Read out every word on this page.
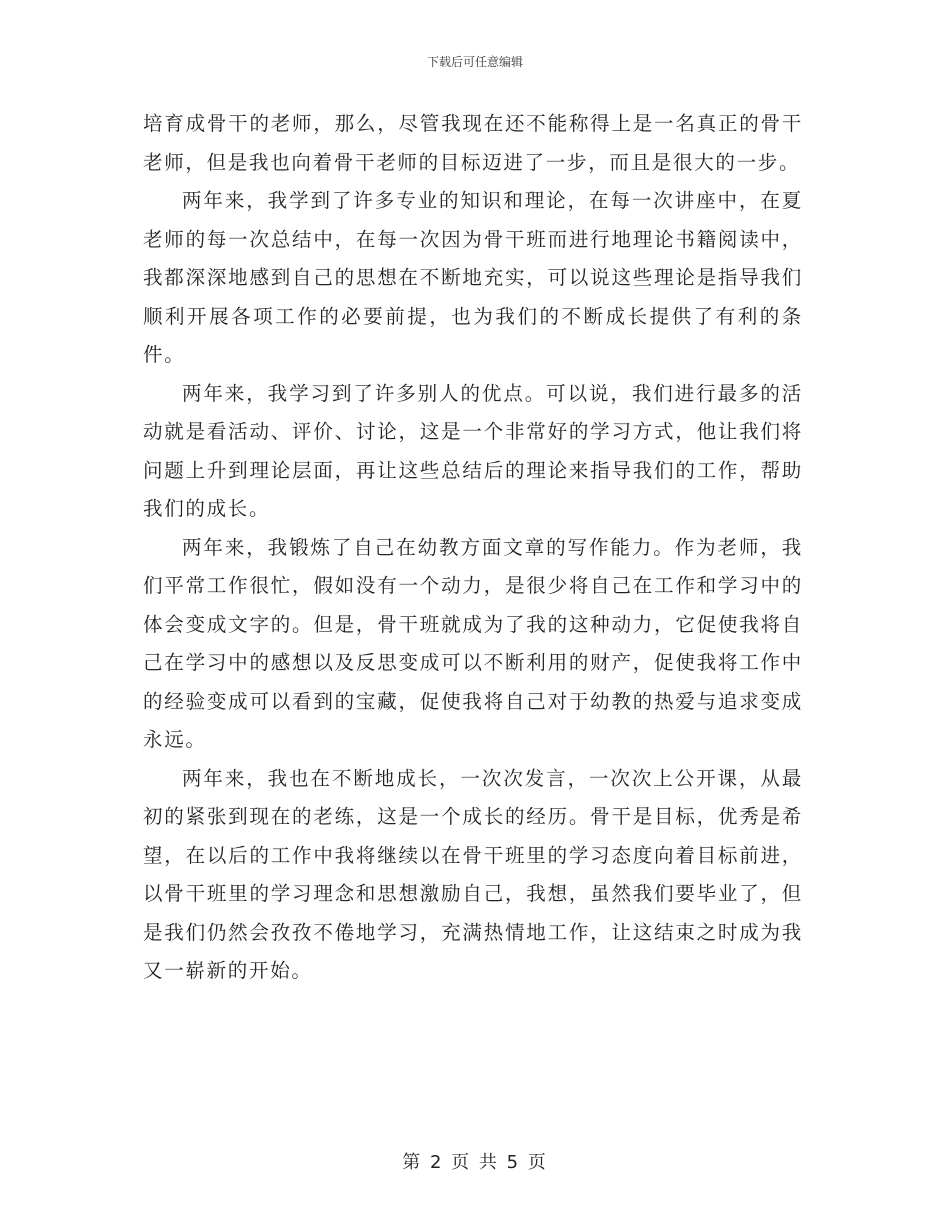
下载后可任意编辑

培育成骨干的老师，那么，尽管我现在还不能称得上是一名真正的骨干老师，但是我也向着骨干老师的目标迈进了一步，而且是很大的一步。

两年来，我学到了许多专业的知识和理论，在每一次讲座中，在夏老师的每一次总结中，在每一次因为骨干班而进行地理论书籍阅读中，我都深深地感到自己的思想在不断地充实，可以说这些理论是指导我们顺利开展各项工作的必要前提，也为我们的不断成长提供了有利的条件。

两年来，我学习到了许多别人的优点。可以说，我们进行最多的活动就是看活动、评价、讨论，这是一个非常好的学习方式，他让我们将问题上升到理论层面，再让这些总结后的理论来指导我们的工作，帮助我们的成长。

两年来，我锻炼了自己在幼教方面文章的写作能力。作为老师，我们平常工作很忙，假如没有一个动力，是很少将自己在工作和学习中的体会变成文字的。但是，骨干班就成为了我的这种动力，它促使我将自己在学习中的感想以及反思变成可以不断利用的财产，促使我将工作中的经验变成可以看到的宝藏，促使我将自己对于幼教的热爱与追求变成永远。

两年来，我也在不断地成长，一次次发言，一次次上公开课，从最初的紧张到现在的老练，这是一个成长的经历。骨干是目标，优秀是希望，在以后的工作中我将继续以在骨干班里的学习态度向着目标前进，以骨干班里的学习理念和思想激励自己，我想，虽然我们要毕业了，但是我们仍然会孜孜不倦地学习，充满热情地工作，让这结束之时成为我又一崭新的开始。

第 2 页 共 5 页
